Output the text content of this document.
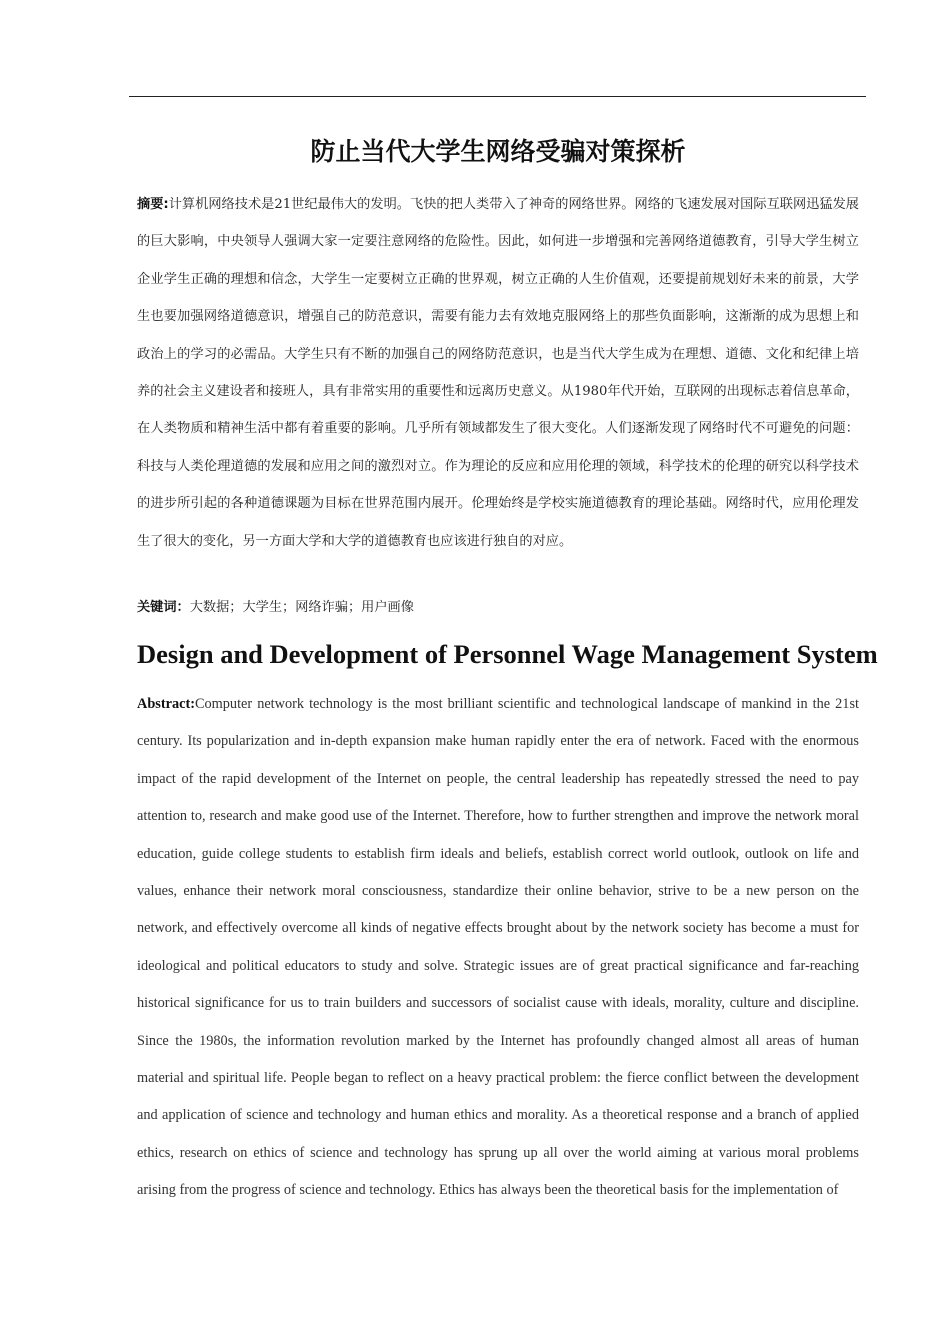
防止当代大学生网络受骗对策探析

摘要:计算机网络技术是21世纪最伟大的发明。飞快的把人类带入了神奇的网络世界。网络的飞速发展对国际互联网迅猛发展的巨大影响，中央领导人强调大家一定要注意网络的危险性。因此，如何进一步增强和完善网络道德教育，引导大学生树立企业学生正确的理想和信念，大学生一定要树立正确的世界观，树立正确的人生价值观，还要提前规划好未来的前景，大学生也要加强网络道德意识，增强自己的防范意识，需要有能力去有效地克服网络上的那些负面影响，这渐渐的成为思想上和政治上的学习的必需品。大学生只有不断的加强自己的网络防范意识，也是当代大学生成为在理想、道德、文化和纪律上培养的社会主义建设者和接班人，具有非常实用的重要性和远离历史意义。从1980年代开始，互联网的出现标志着信息革命，在人类物质和精神生活中都有着重要的影响。几乎所有领域都发生了很大变化。人们逐渐发现了网络时代不可避免的问题：科技与人类伦理道德的发展和应用之间的激烈对立。作为理论的反应和应用伦理的领域，科学技术的伦理的研究以科学技术的进步所引起的各种道德课题为目标在世界范围内展开。伦理始终是学校实施道德教育的理论基础。网络时代，应用伦理发生了很大的变化，另一方面大学和大学的道德教育也应该进行独自的对应。

关键词：大数据；大学生；网络诈骗；用户画像

Design and Development of Personnel Wage Management System

Abstract:Computer network technology is the most brilliant scientific and technological landscape of mankind in the 21st century. Its popularization and in-depth expansion make human rapidly enter the era of network. Faced with the enormous impact of the rapid development of the Internet on people, the central leadership has repeatedly stressed the need to pay attention to, research and make good use of the Internet. Therefore, how to further strengthen and improve the network moral education, guide college students to establish firm ideals and beliefs, establish correct world outlook, outlook on life and values, enhance their network moral consciousness, standardize their online behavior, strive to be a new person on the network, and effectively overcome all kinds of negative effects brought about by the network society has become a must for ideological and political educators to study and solve. Strategic issues are of great practical significance and far-reaching historical significance for us to train builders and successors of socialist cause with ideals, morality, culture and discipline. Since the 1980s, the information revolution marked by the Internet has profoundly changed almost all areas of human material and spiritual life. People began to reflect on a heavy practical problem: the fierce conflict between the development and application of science and technology and human ethics and morality. As a theoretical response and a branch of applied ethics, research on ethics of science and technology has sprung up all over the world aiming at various moral problems arising from the progress of science and technology. Ethics has always been the theoretical basis for the implementation of
